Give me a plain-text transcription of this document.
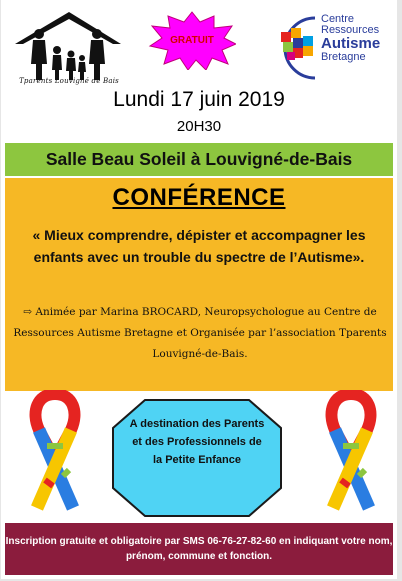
Tparents Louvigné de Bais
GRATUIT
Centre
Ressources
Autisme
Bretagne
Lundi 17 juin 2019
20H30
Salle Beau Soleil à Louvigné-de-Bais
CONFÉRENCE
« Mieux comprendre, dépister et accompagner les enfants avec un trouble du spectre de l’Autisme».
⇨ Animée par Marina BROCARD, Neuropsychologue au Centre de Ressources Autisme Bretagne et Organisée par l’association Tparents Louvigné-de-Bais.
A destination des Parents et des Professionnels de la Petite Enfance
Inscription gratuite et obligatoire par SMS 06-76-27-82-60 en indiquant votre nom, prénom, commune et fonction.
